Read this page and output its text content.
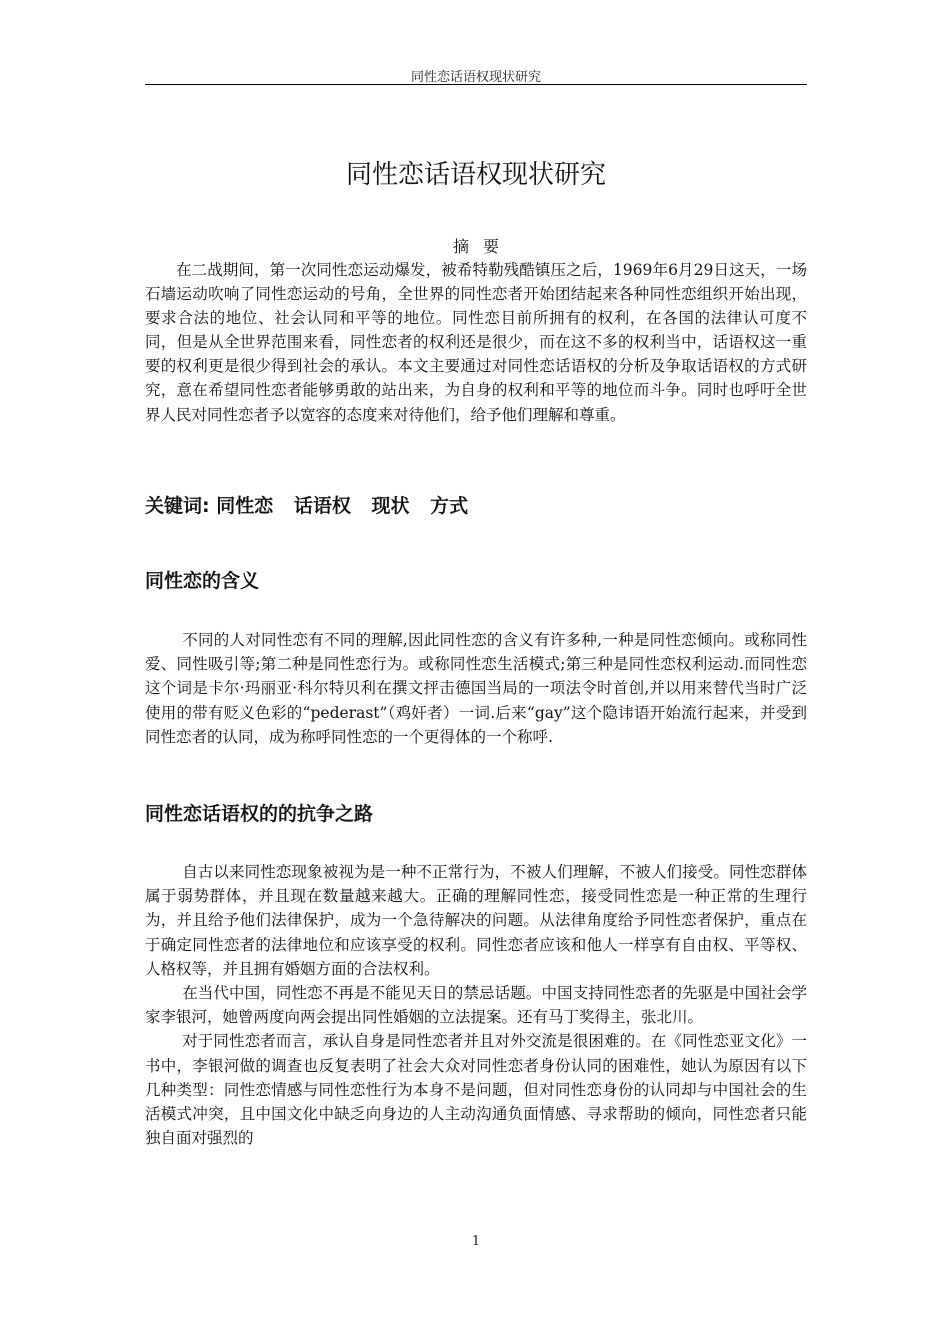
同性恋话语权现状研究
同性恋话语权现状研究
摘要

在二战期间，第一次同性恋运动爆发，被希特勒残酷镇压之后，1969年6月29日这天，一场石墙运动吹响了同性恋运动的号角，全世界的同性恋者开始团结起来各种同性恋组织开始出现，要求合法的地位、社会认同和平等的地位。同性恋目前所拥有的权利，在各国的法律认可度不同，但是从全世界范围来看，同性恋者的权利还是很少，而在这不多的权利当中，话语权这一重要的权利更是很少得到社会的承认。本文主要通过对同性恋话语权的分析及争取话语权的方式研究，意在希望同性恋者能够勇敢的站出来，为自身的权利和平等的地位而斗争。同时也呼吁全世界人民对同性恋者予以宽容的态度来对待他们，给予他们理解和尊重。

关键词: 同性恋 话语权 现状 方式
同性恋的含义

不同的人对同性恋有不同的理解,因此同性恋的含义有许多种,一种是同性恋倾向。或称同性爱、同性吸引等;第二种是同性恋行为。或称同性恋生活模式;第三种是同性恋权利运动.而同性恋这个词是卡尔·玛丽亚·科尔特贝利在撰文抨击德国当局的一项法令时首创,并以用来替代当时广泛使用的带有贬义色彩的“pederast”（鸡奸者）一词.后来“gay”这个隐讳语开始流行起来，并受到同性恋者的认同，成为称呼同性恋的一个更得体的一个称呼.

同性恋话语权的的抗争之路

自古以来同性恋现象被视为是一种不正常行为，不被人们理解，不被人们接受。同性恋群体属于弱势群体，并且现在数量越来越大。正确的理解同性恋，接受同性恋是一种正常的生理行为，并且给予他们法律保护，成为一个急待解决的问题。从法律角度给予同性恋者保护，重点在于确定同性恋者的法律地位和应该享受的权利。同性恋者应该和他人一样享有自由权、平等权、人格权等，并且拥有婚姻方面的合法权利。

在当代中国，同性恋不再是不能见天日的禁忌话题。中国支持同性恋者的先驱是中国社会学家李银河，她曾两度向两会提出同性婚姻的立法提案。还有马丁奖得主，张北川。

对于同性恋者而言，承认自身是同性恋者并且对外交流是很困难的。在《同性恋亚文化》一书中，李银河做的调查也反复表明了社会大众对同性恋者身份认同的困难性，她认为原因有以下几种类型：同性恋情感与同性恋性行为本身不是问题，但对同性恋身份的认同却与中国社会的生活模式冲突，且中国文化中缺乏向身边的人主动沟通负面情感、寻求帮助的倾向，同性恋者只能独自面对强烈的

1
